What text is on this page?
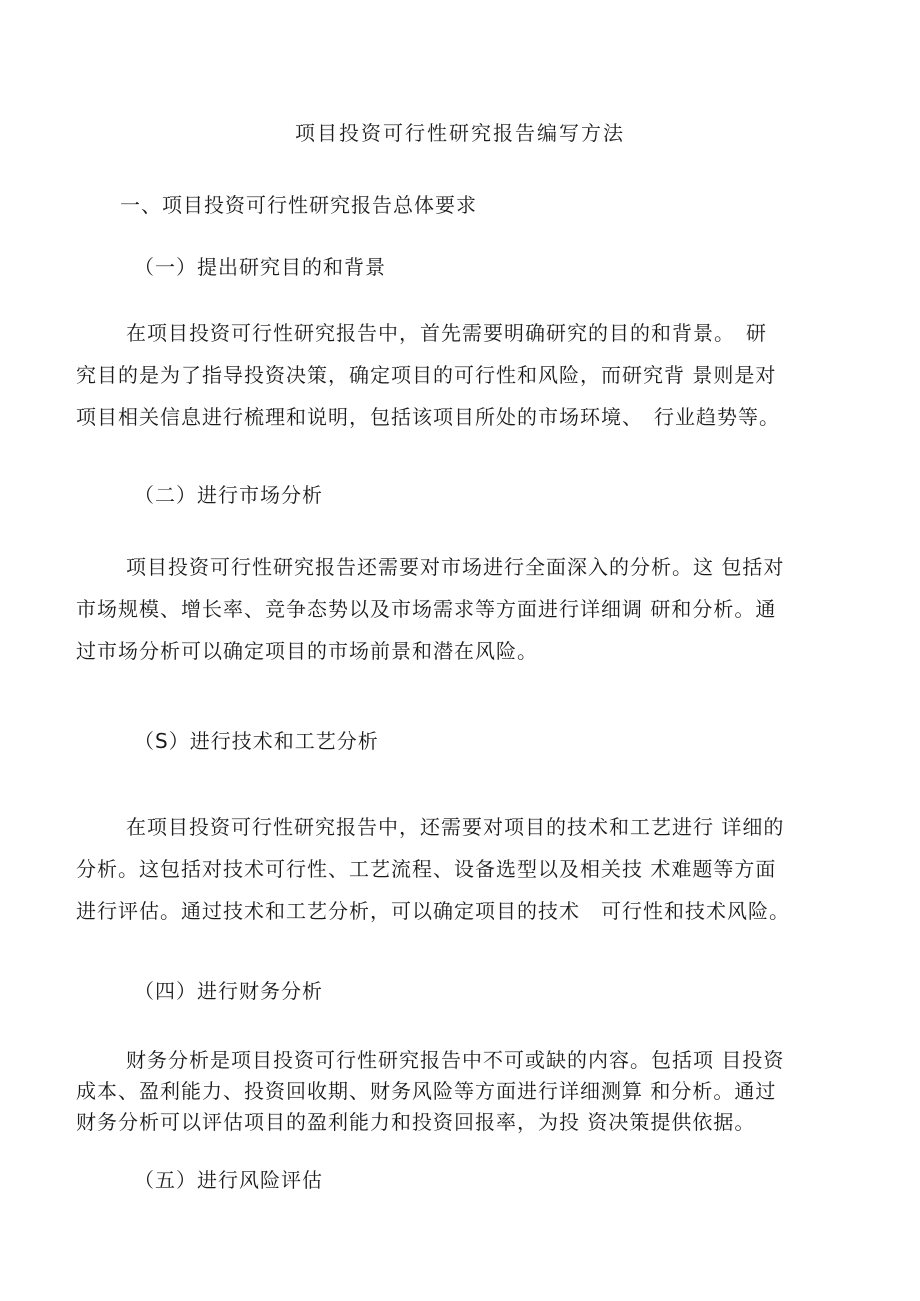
项目投资可行性研究报告编写方法
一、项目投资可行性研究报告总体要求
（一）提出研究目的和背景
在项目投资可行性研究报告中，首先需要明确研究的目的和背景。　研
究目的是为了指导投资决策，确定项目的可行性和风险，而研究背 景则是对
项目相关信息进行梳理和说明，包括该项目所处的市场环境、　行业趋势等。
（二）进行市场分析
项目投资可行性研究报告还需要对市场进行全面深入的分析。这 包括对
市场规模、增长率、竞争态势以及市场需求等方面进行详细调 研和分析。通
过市场分析可以确定项目的市场前景和潜在风险。
（S）进行技术和工艺分析
在项目投资可行性研究报告中，还需要对项目的技术和工艺进行 详细的
分析。这包括对技术可行性、工艺流程、设备选型以及相关技 术难题等方面
进行评估。通过技术和工艺分析，可以确定项目的技术　可行性和技术风险。
（四）进行财务分析
财务分析是项目投资可行性研究报告中不可或缺的内容。包括项 目投资
成本、盈利能力、投资回收期、财务风险等方面进行详细测算 和分析。通过
财务分析可以评估项目的盈利能力和投资回报率，为投 资决策提供依据。
（五）进行风险评估
